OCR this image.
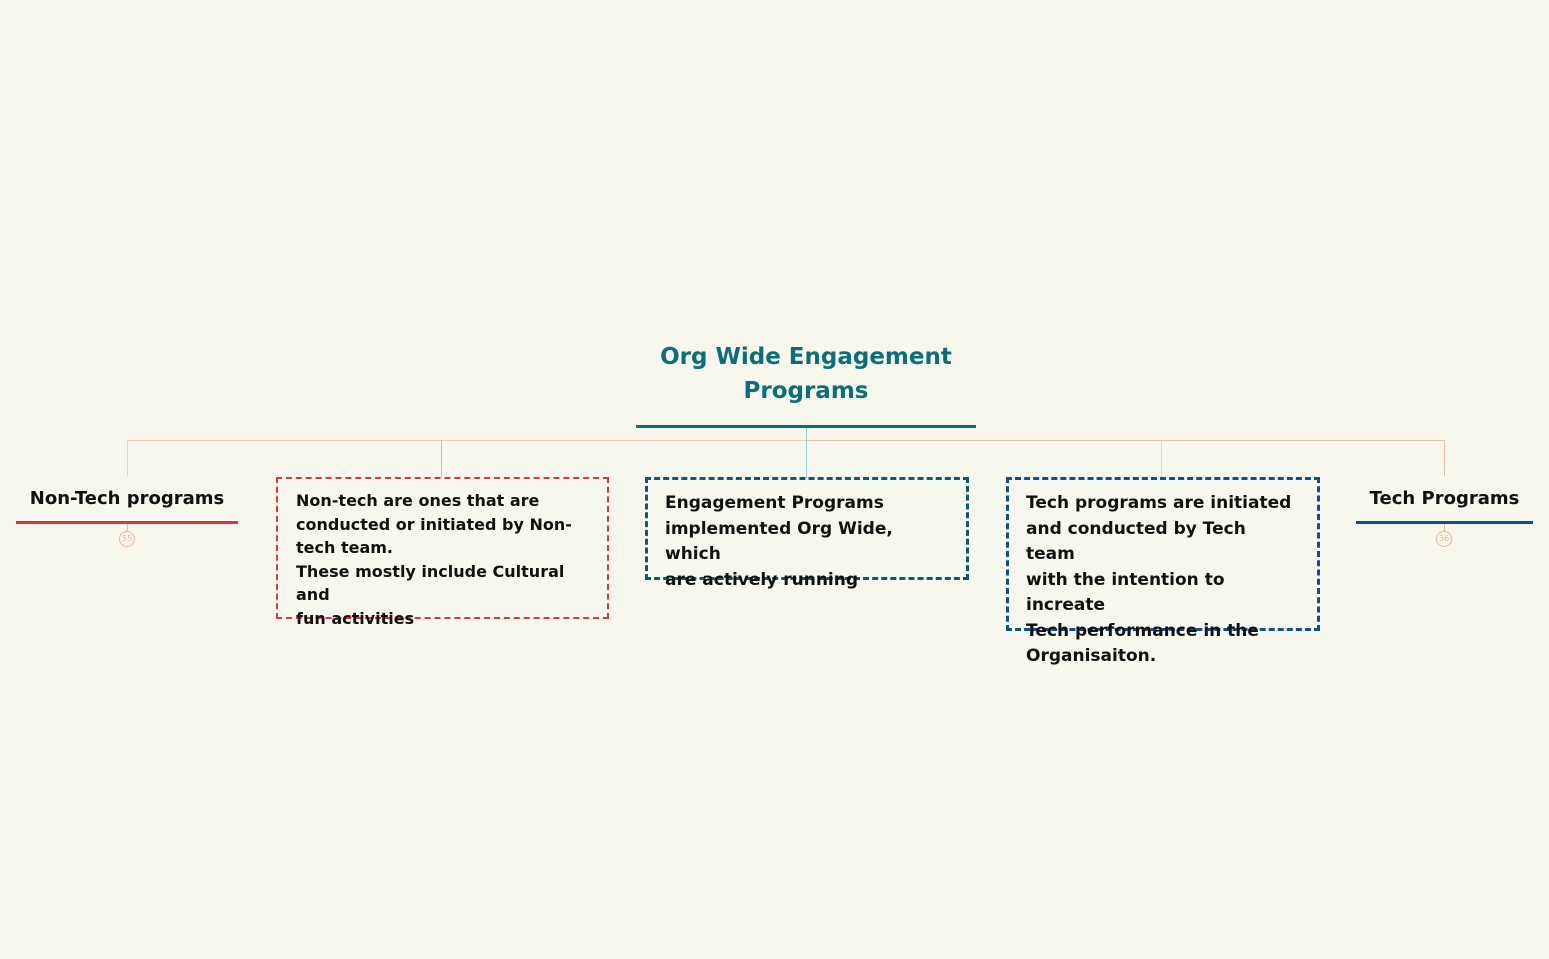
Org Wide Engagement
Programs
Non-Tech programs
55
Non-tech are ones that are
conducted or initiated by Non-
tech team.
These mostly include Cultural and
fun activities
Engagement Programs
implemented Org Wide, which
are actively running
Tech programs are initiated
and conducted by Tech team
with the intention to increate
Tech performance in the
Organisaiton.
Tech Programs
36
